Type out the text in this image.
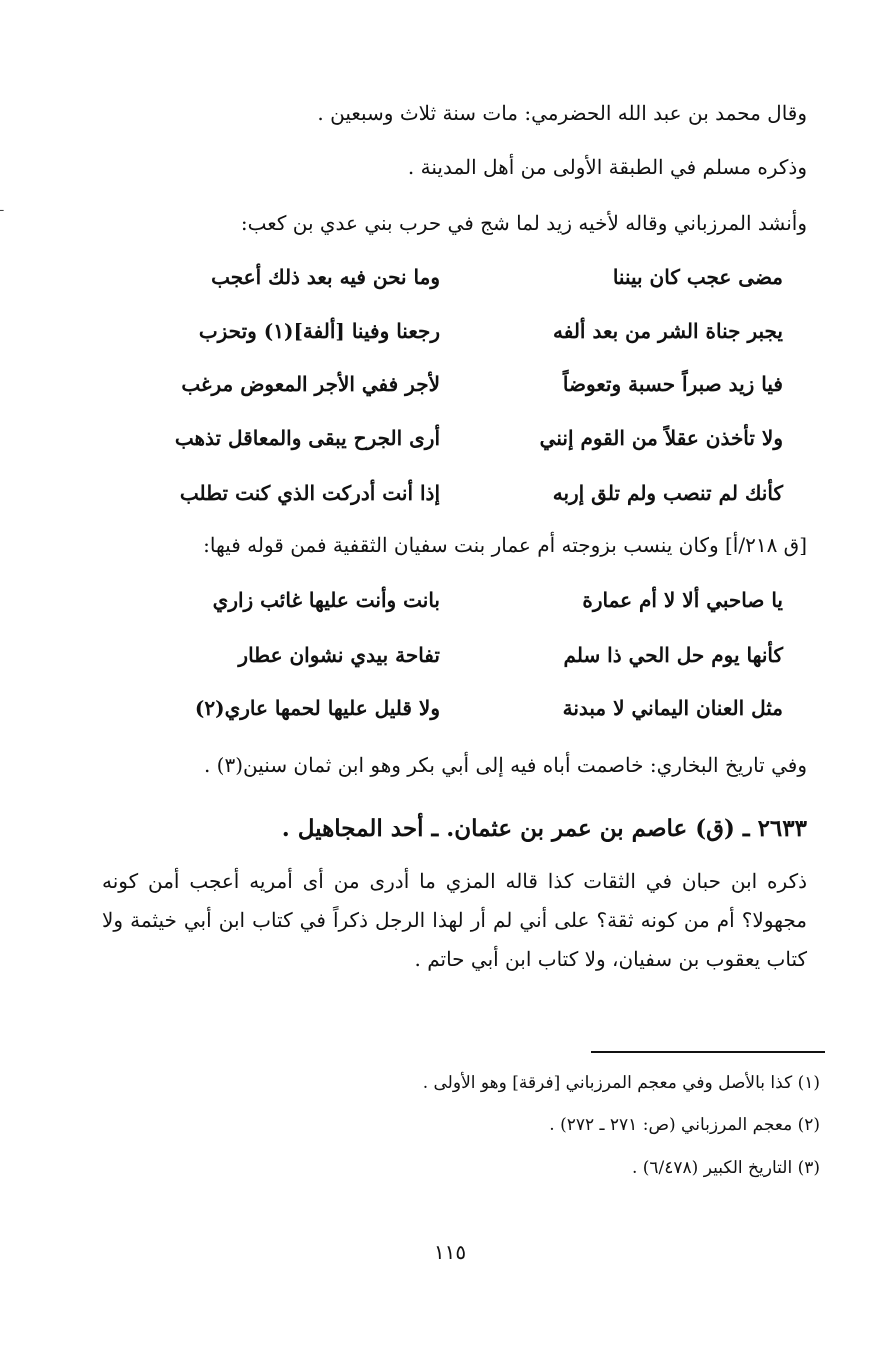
ـ
وقال محمد بن عبد الله الحضرمي: مات سنة ثلاث وسبعين .
وذكره مسلم في الطبقة الأولى من أهل المدينة .
وأنشد المرزباني وقاله لأخيه زيد لما شج في حرب بني عدي بن كعب:
مضى عجب كان بيننا
وما نحن فيه بعد ذلك أعجب
يجبر جناة الشر من بعد ألفه
رجعنا وفينا [ألفة](١) وتحزب
فيا زيد صبراً حسبة وتعوضاً
لأجر ففي الأجر المعوض مرغب
ولا تأخذن عقلاً من القوم إنني
أرى الجرح يبقى والمعاقل تذهب
كأنك لم تنصب ولم تلق إربه
إذا أنت أدركت الذي كنت تطلب
[ق ٢١٨/أ] وكان ينسب بزوجته أم عمار بنت سفيان الثقفية فمن قوله فيها:
يا صاحبي ألا لا أم عمارة
بانت وأنت عليها غائب زاري
كأنها يوم حل الحي ذا سلم
تفاحة بيدي نشوان عطار
مثل العنان اليماني لا مبدنة
ولا قليل عليها لحمها عاري(٢)
وفي تاريخ البخاري: خاصمت أباه فيه إلى أبي بكر وهو ابن ثمان سنين(٣) .
٢٦٣٣ ـ (ق) عاصم بن عمر بن عثمان. ـ أحد المجاهيل .
ذكره ابن حبان في الثقات كذا قاله المزي ما أدرى من أى أمريه أعجب أمن كونه مجهولا؟ أم من كونه ثقة؟ على أني لم أر لهذا الرجل ذكراً في كتاب ابن أبي خيثمة ولا كتاب يعقوب بن سفيان، ولا كتاب ابن أبي حاتم .
(١) كذا بالأصل وفي معجم المرزباني [فرقة] وهو الأولى .
(٢) معجم المرزباني (ص: ٢٧١ ـ ٢٧٢) .
(٣) التاريخ الكبير (٦/٤٧٨) .
١١٥
